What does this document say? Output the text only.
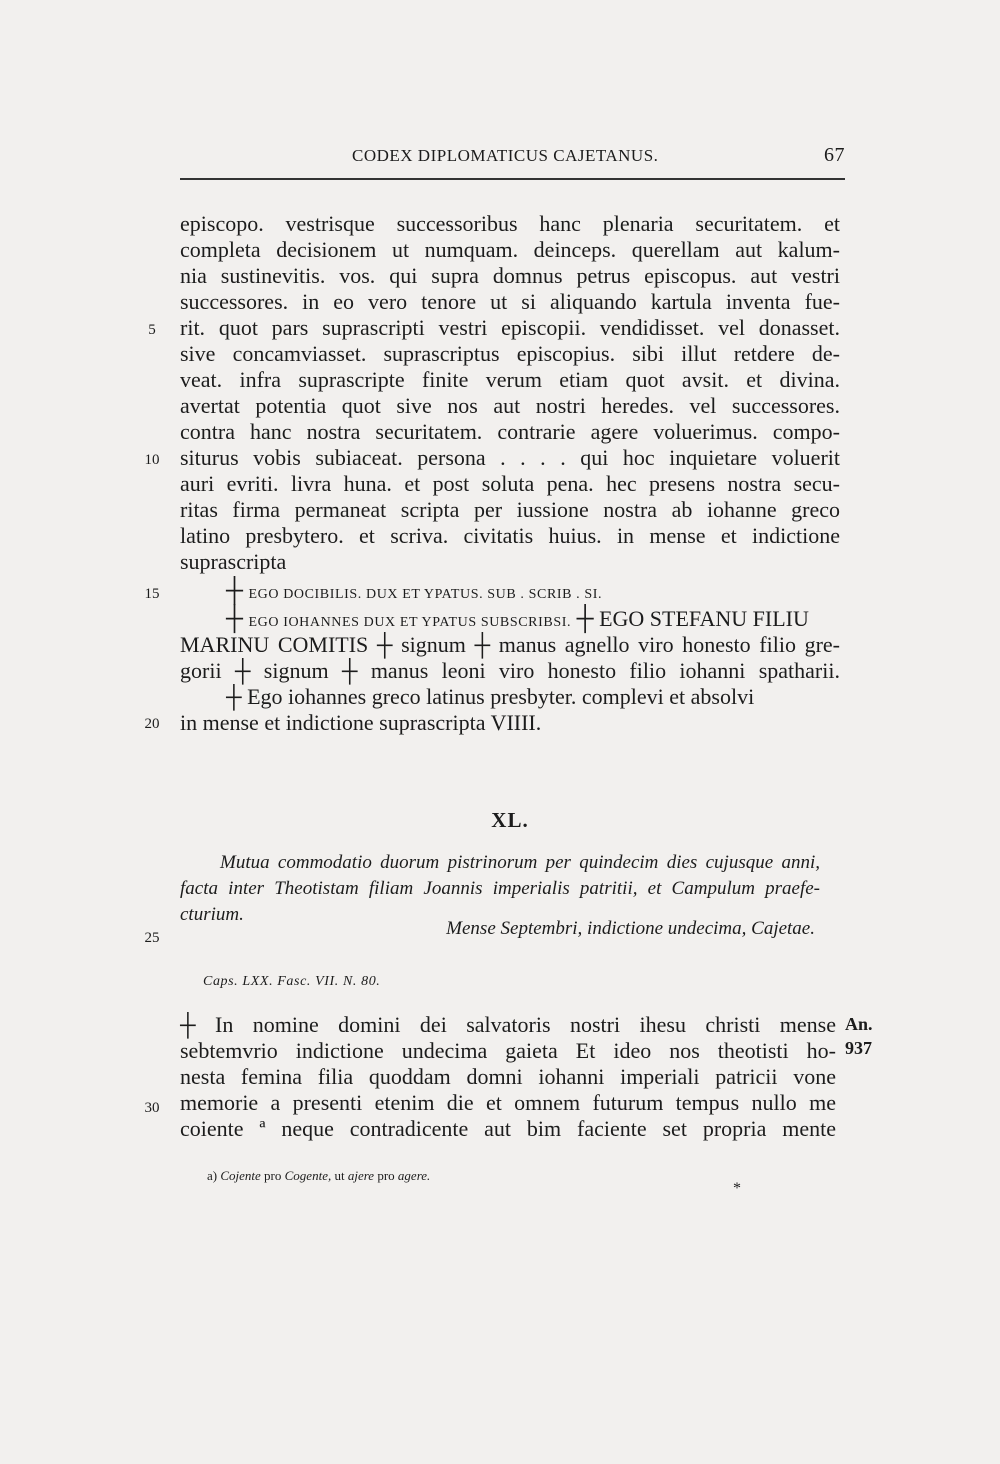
CODEX DIPLOMATICUS CAJETANUS.	67
episcopo. vestrisque successoribus hanc plenaria securitatem. et
completa decisionem ut numquam. deinceps. querellam aut kalum-
nia sustinevitis. vos. qui supra domnus petrus episcopus. aut vestri
successores. in eo vero tenore ut si aliquando kartula inventa fue-
rit. quot pars suprascripti vestri episcopii. vendidisset. vel donasset.
sive concamviasset. suprascriptus episcopius. sibi illut retdere de-
veat. infra suprascripte finite verum etiam quot avsit. et divina.
avertat potentia quot sive nos aut nostri heredes. vel successores.
contra hanc nostra securitatem. contrarie agere voluerimus. compo-
siturus vobis subiaceat. persona . . . . qui hoc inquietare voluerit
auri evriti. livra huna. et post soluta pena. hec presens nostra secu-
ritas firma permaneat scripta per iussione nostra ab iohanne greco
latino presbytero. et scriva. civitatis huius. in mense et indictione
suprascripta
┼ EGO DOCIBILIS. DUX ET YPATUS. SUB . SCRIB . SI.
┼ EGO IOHANNES DUX ET YPATUS SUBSCRIBSI. ┼ EGO STEFANU FILIU
MARINU COMITIS ┼ signum ┼ manus agnello viro honesto filio gre-
gorii ┼ signum ┼ manus leoni viro honesto filio iohanni spatharii.
┼ Ego iohannes greco latinus presbyter. complevi et absolvi
in mense et indictione suprascripta VIIII.
5
10
15
20
25
30
XL.
Mutua commodatio duorum pistrinorum per quindecim dies cujusque anni,
facta inter Theotistam filiam Joannis imperialis patritii, et Campulum praefe-
cturium.
Mense Septembri, indictione undecima, Cajetae.
Caps. LXX. Fasc. VII. N. 80.
┼ In nomine domini dei salvatoris nostri ihesu christi mense
sebtemvrio indictione undecima gaieta Et ideo nos theotisti ho-
nesta femina filia quoddam domni iohanni imperiali patricii vone
memorie a presenti etenim die et omnem futurum tempus nullo me
coiente ª neque contradicente aut bim faciente set propria mente
An.
937
a) Cojente pro Cogente, ut ajere pro agere.
*
